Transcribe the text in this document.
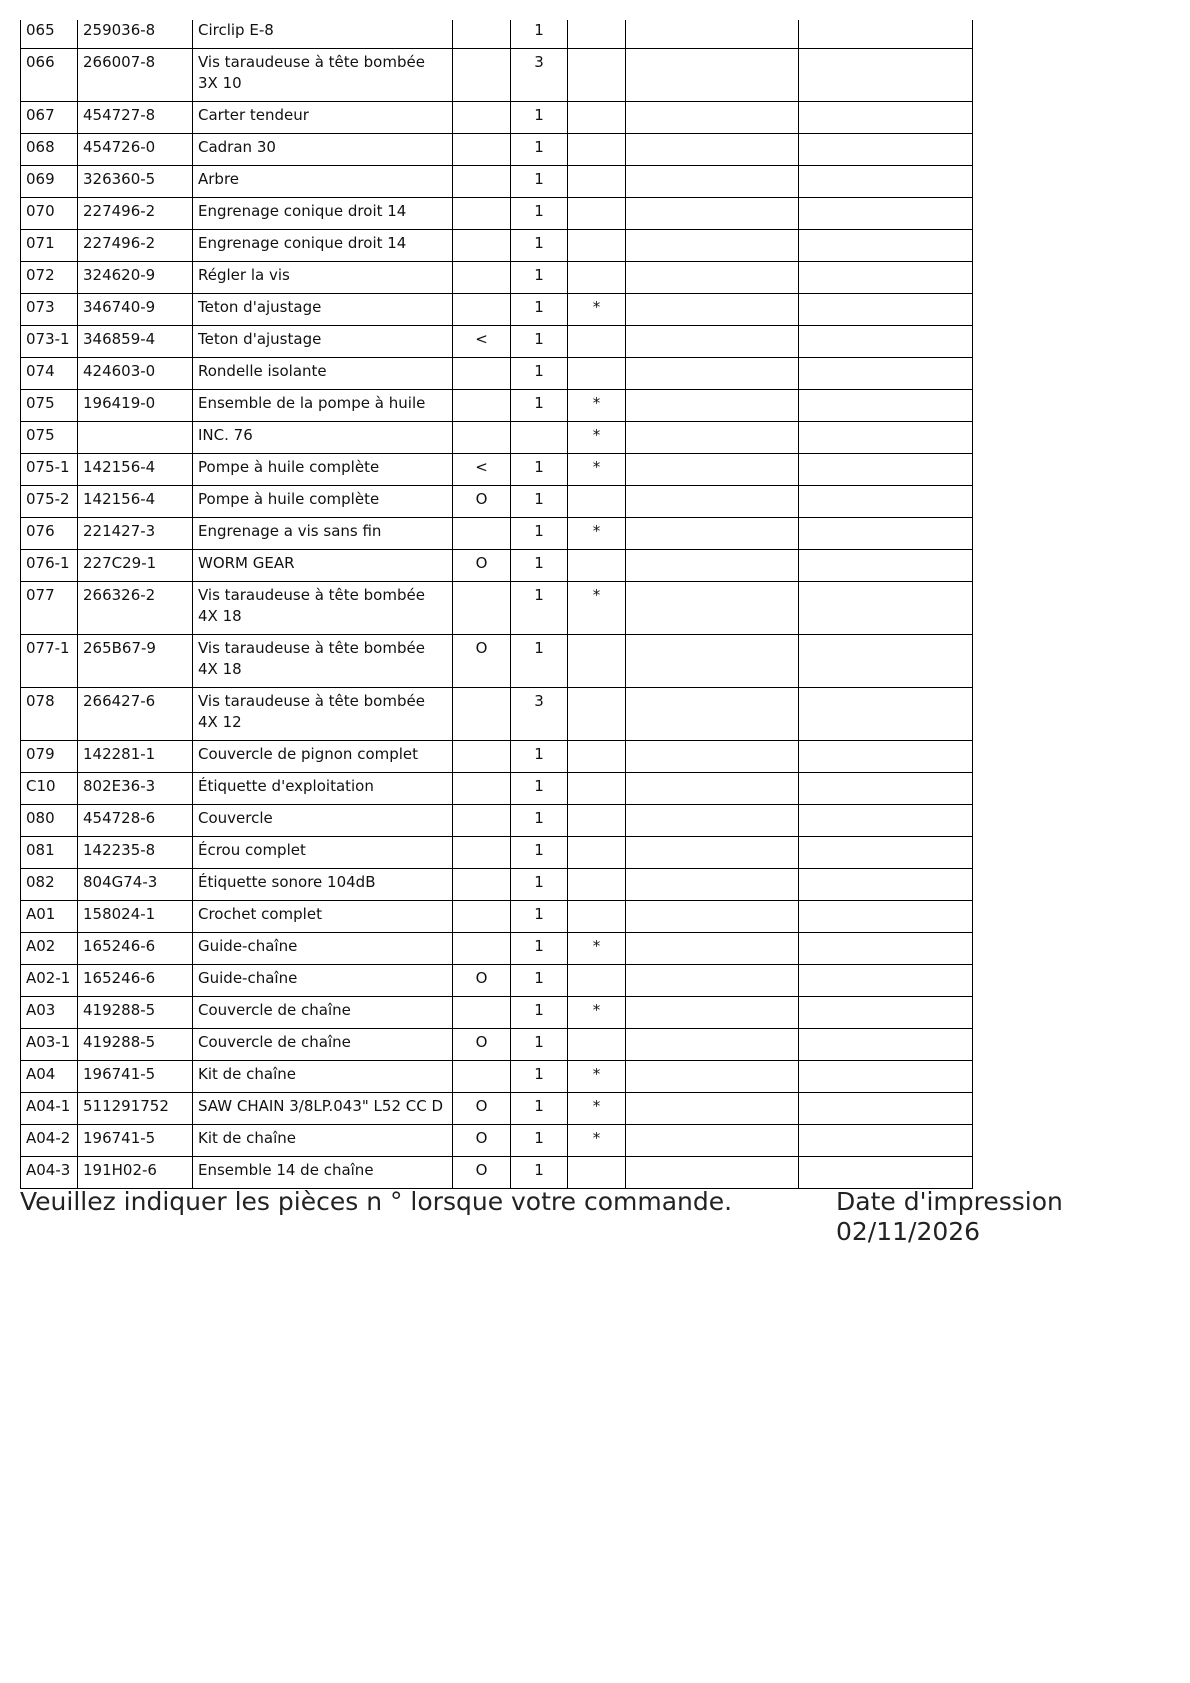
065	259036-8	Circlip E-8		1			
066	266007-8	Vis taraudeuse à tête bombée 3X 10		3			
067	454727-8	Carter tendeur		1			
068	454726-0	Cadran 30		1			
069	326360-5	Arbre		1			
070	227496-2	Engrenage conique droit 14		1			
071	227496-2	Engrenage conique droit 14		1			
072	324620-9	Régler la vis		1			
073	346740-9	Teton d'ajustage		1	*		
073-1	346859-4	Teton d'ajustage	<	1			
074	424603-0	Rondelle isolante		1			
075	196419-0	Ensemble de la pompe à huile		1	*		
075		INC. 76			*		
075-1	142156-4	Pompe à huile complète	<	1	*		
075-2	142156-4	Pompe à huile complète	O	1			
076	221427-3	Engrenage a vis sans fin		1	*		
076-1	227C29-1	WORM GEAR	O	1			
077	266326-2	Vis taraudeuse à tête bombée 4X 18		1	*		
077-1	265B67-9	Vis taraudeuse à tête bombée 4X 18	O	1			
078	266427-6	Vis taraudeuse à tête bombée 4X 12		3			
079	142281-1	Couvercle de pignon complet		1			
C10	802E36-3	Étiquette d'exploitation		1			
080	454728-6	Couvercle		1			
081	142235-8	Écrou complet		1			
082	804G74-3	Étiquette sonore 104dB		1			
A01	158024-1	Crochet complet		1			
A02	165246-6	Guide-chaîne		1	*		
A02-1	165246-6	Guide-chaîne	O	1			
A03	419288-5	Couvercle de chaîne		1	*		
A03-1	419288-5	Couvercle de chaîne	O	1			
A04	196741-5	Kit de chaîne		1	*		
A04-1	511291752	SAW CHAIN 3/8LP.043" L52 CC D	O	1	*		
A04-2	196741-5	Kit de chaîne	O	1	*		
A04-3	191H02-6	Ensemble 14 de chaîne	O	1			
Veuillez indiquer les pièces n ° lorsque votre commande.	Date d'impression 02/11/2026
